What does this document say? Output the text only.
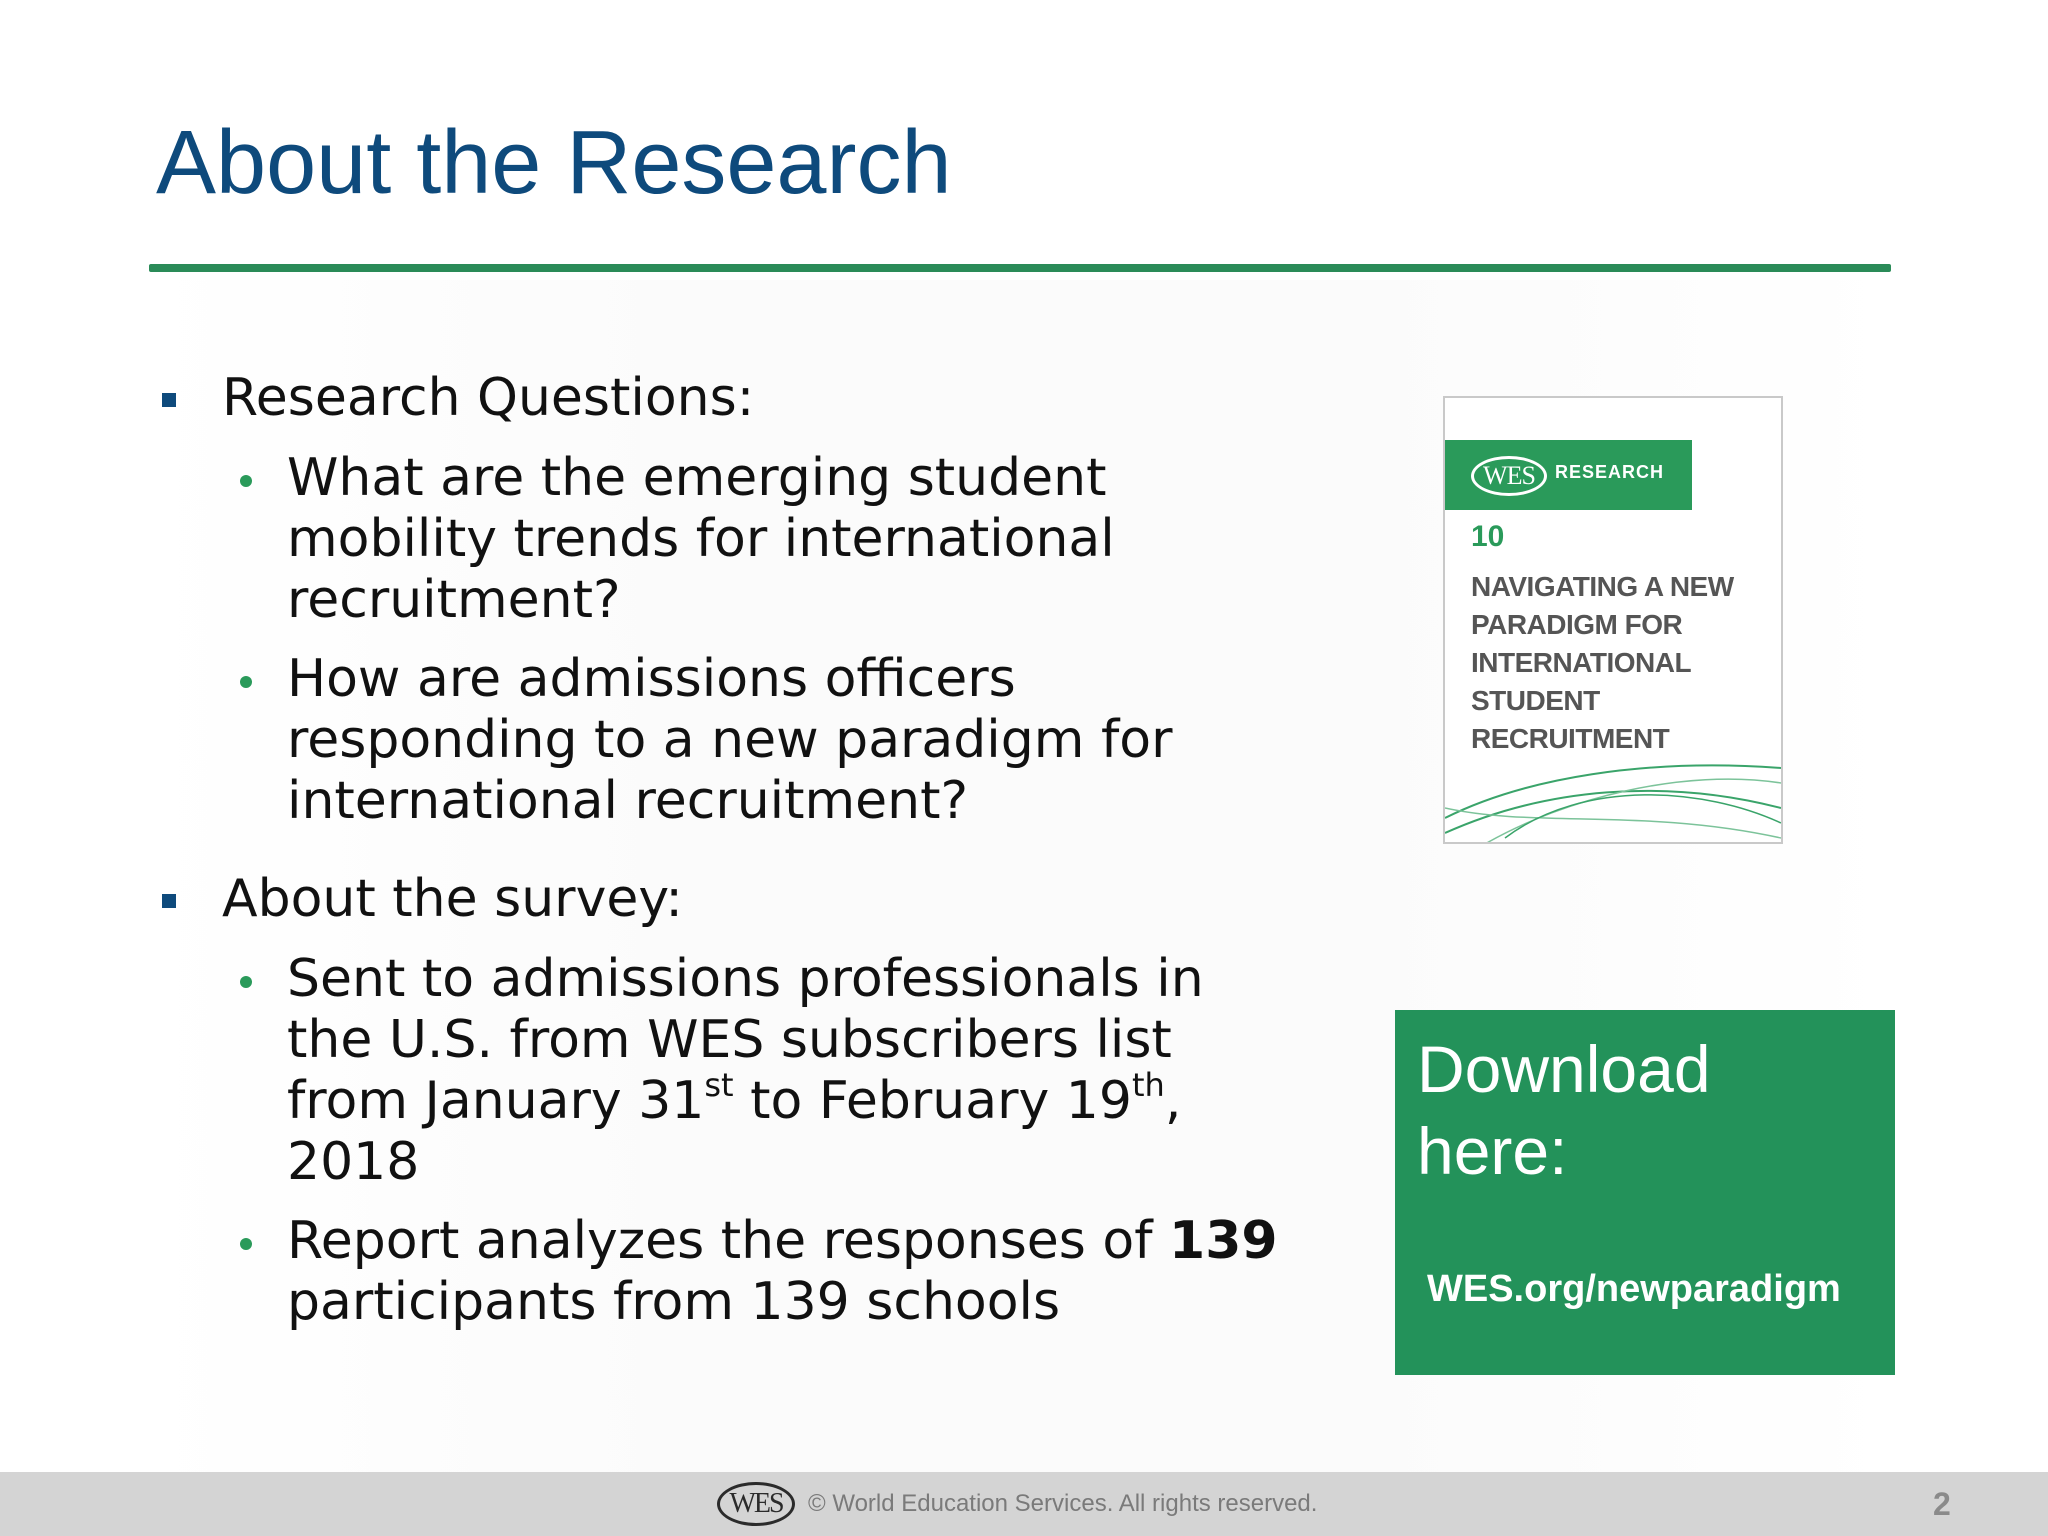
About the Research
Research Questions:
What are the emerging student
mobility trends for international
recruitment?
How are admissions officers
responding to a new paradigm for
international recruitment?
About the survey:
Sent to admissions professionals in
the U.S. from WES subscribers list
from January 31st to February 19th,
2018
Report analyzes the responses of 139
participants from 139 schools
WES	RESEARCH
10
NAVIGATING A NEW
PARADIGM FOR
INTERNATIONAL
STUDENT
RECRUITMENT
Download here:
WES.org/newparadigm
WES	© World Education Services. All rights reserved.	2
